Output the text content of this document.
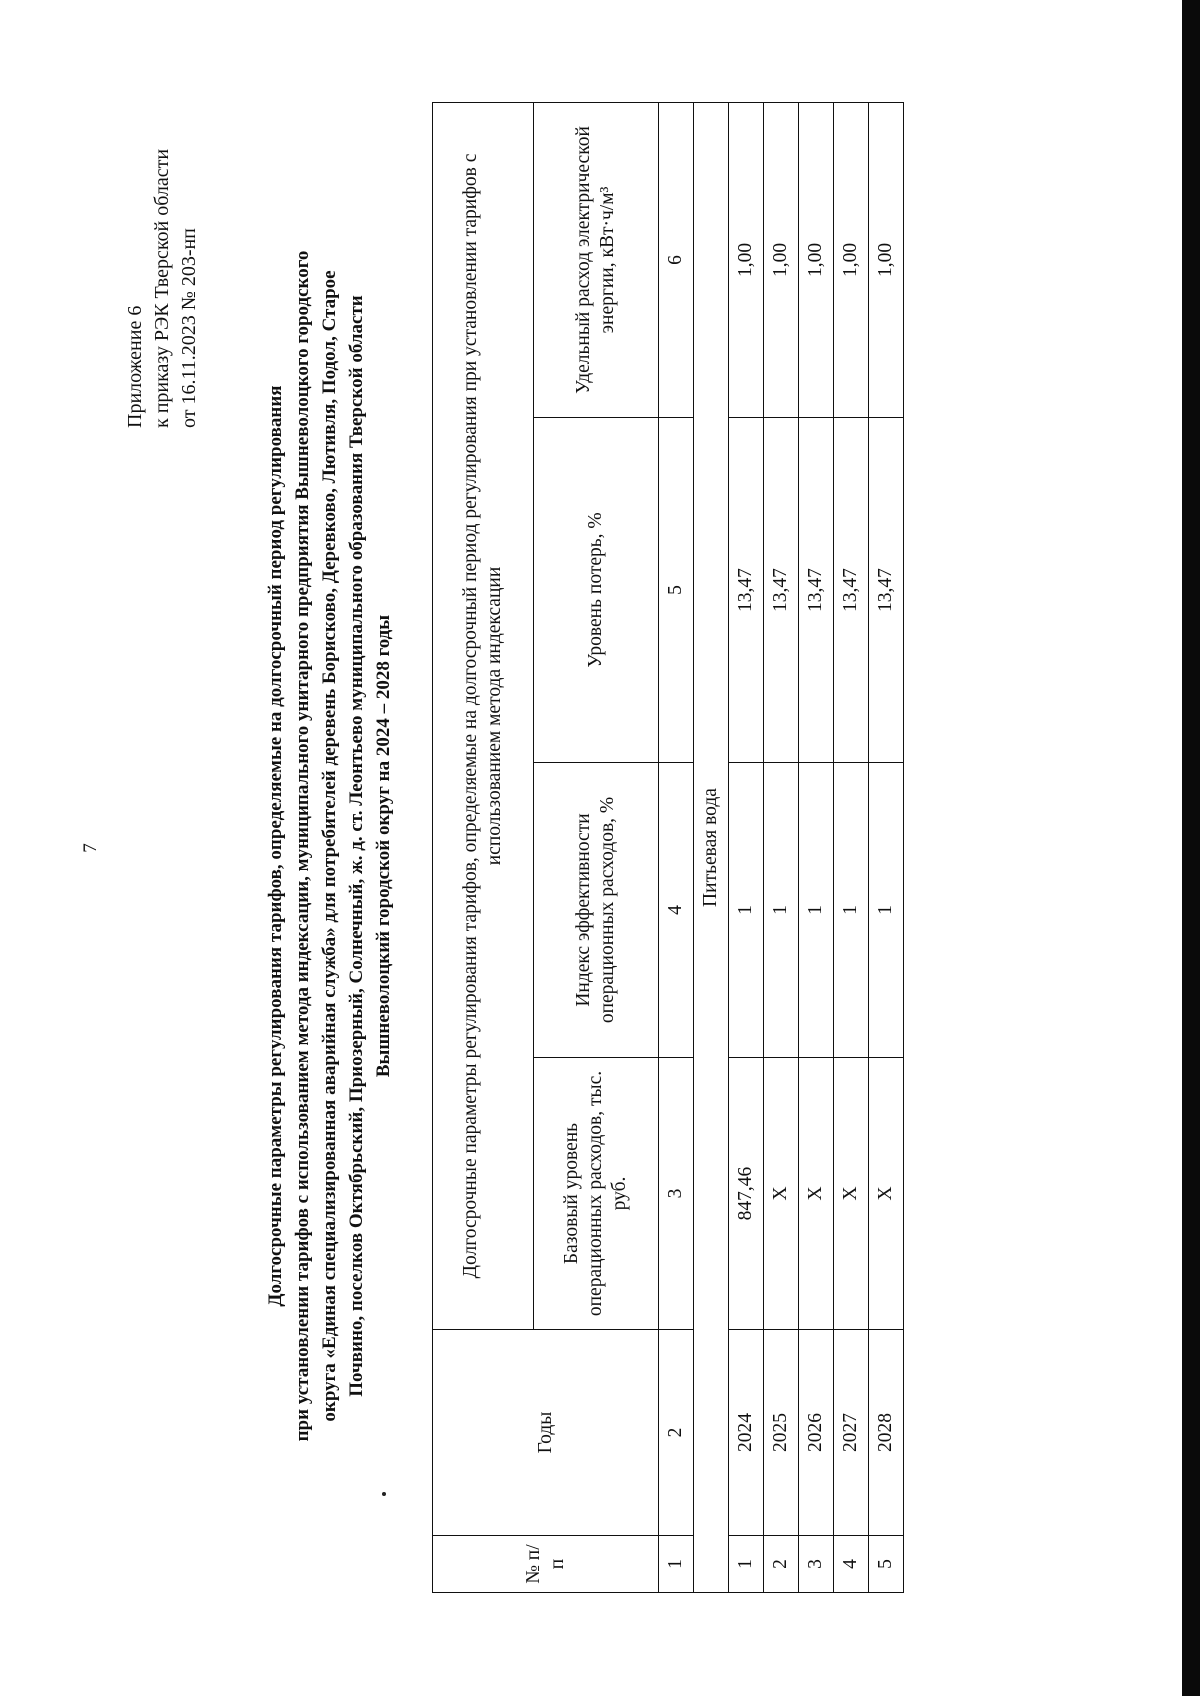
7
Приложение 6 к приказу РЭК Тверской области от 16.11.2023 № 203-нп
Долгосрочные параметры регулирования тарифов, определяемые на долгосрочный период регулирования при установлении тарифов с использованием метода индексации, муниципального унитарного предприятия Вышневолоцкого городского округа «Единая специализированная аварийная служба» для потребителей деревень Борисково, Деревково, Лютивля, Подол, Старое Почвино, поселков Октябрьский, Приозерный, Солнечный, ж. д. ст. Леонтьево муниципального образования Тверской области Вышневолоцкий городской округ на 2024 – 2028 годы
№ п/п	Годы	Долгосрочные параметры регулирования тарифов, определяемые на долгосрочный период регулирования при установлении тарифов с использованием метода индексации			
		Базовый уровень операционных расходов, тыс. руб.	Индекс эффективности операционных расходов, %	Уровень потерь, %	Удельный расход электрической энергии, кВт·ч/м³
1	2	3	4	5	6
Питьевая вода					
1	2024	847,46	1	13,47	1,00
2	2025	X	1	13,47	1,00
3	2026	X	1	13,47	1,00
4	2027	X	1	13,47	1,00
5	2028	X	1	13,47	1,00
